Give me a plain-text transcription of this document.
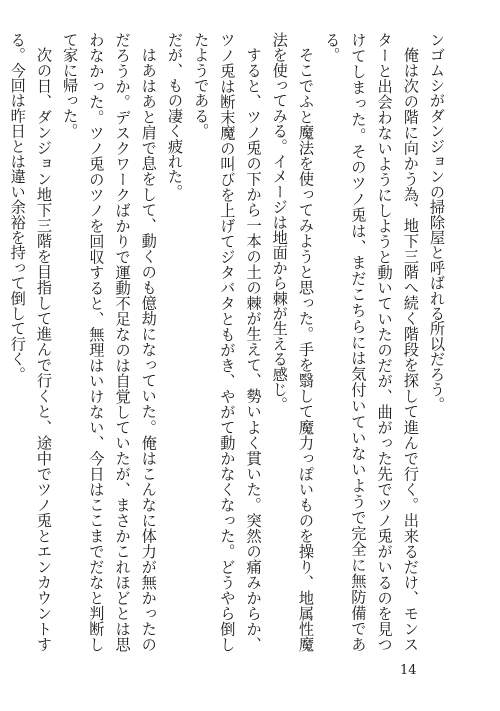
ンゴムシがダンジョンの掃除屋と呼ばれる所以だろう。

俺は次の階に向かう為、地下三階へ続く階段を探して進んで行く。出来るだけ、モンスターと出会わないようにしようと動いていたのだが、曲がった先でツノ兎がいるのを見つけてしまった。そのツノ兎は、まだこちらには気付いていないようで完全に無防備である。

そこでふと魔法を使ってみようと思った。手を翳して魔力っぽいものを操り、地属性魔法を使ってみる。イメージは地面から棘が生える感じ。

すると、ツノ兎の下から一本の土の棘が生えて、勢いよく貫いた。突然の痛みからか、ツノ兎は断末魔の叫びを上げてジタバタともがき、やがて動かなくなった。どうやら倒したようである。

だが、もの凄く疲れた。

はあはあと肩で息をして、動くのも億劫になっていた。俺はこんなに体力が無かったのだろうか。デスクワークばかりで運動不足なのは自覚していたが、まさかこれほどとは思わなかった。ツノ兎のツノを回収すると、無理はいけない、今日はここまでだなと判断して家に帰った。

次の日、ダンジョン地下三階を目指して進んで行くと、途中でツノ兎とエンカウントする。今回は昨日とは違い余裕を持って倒して行く。

14
